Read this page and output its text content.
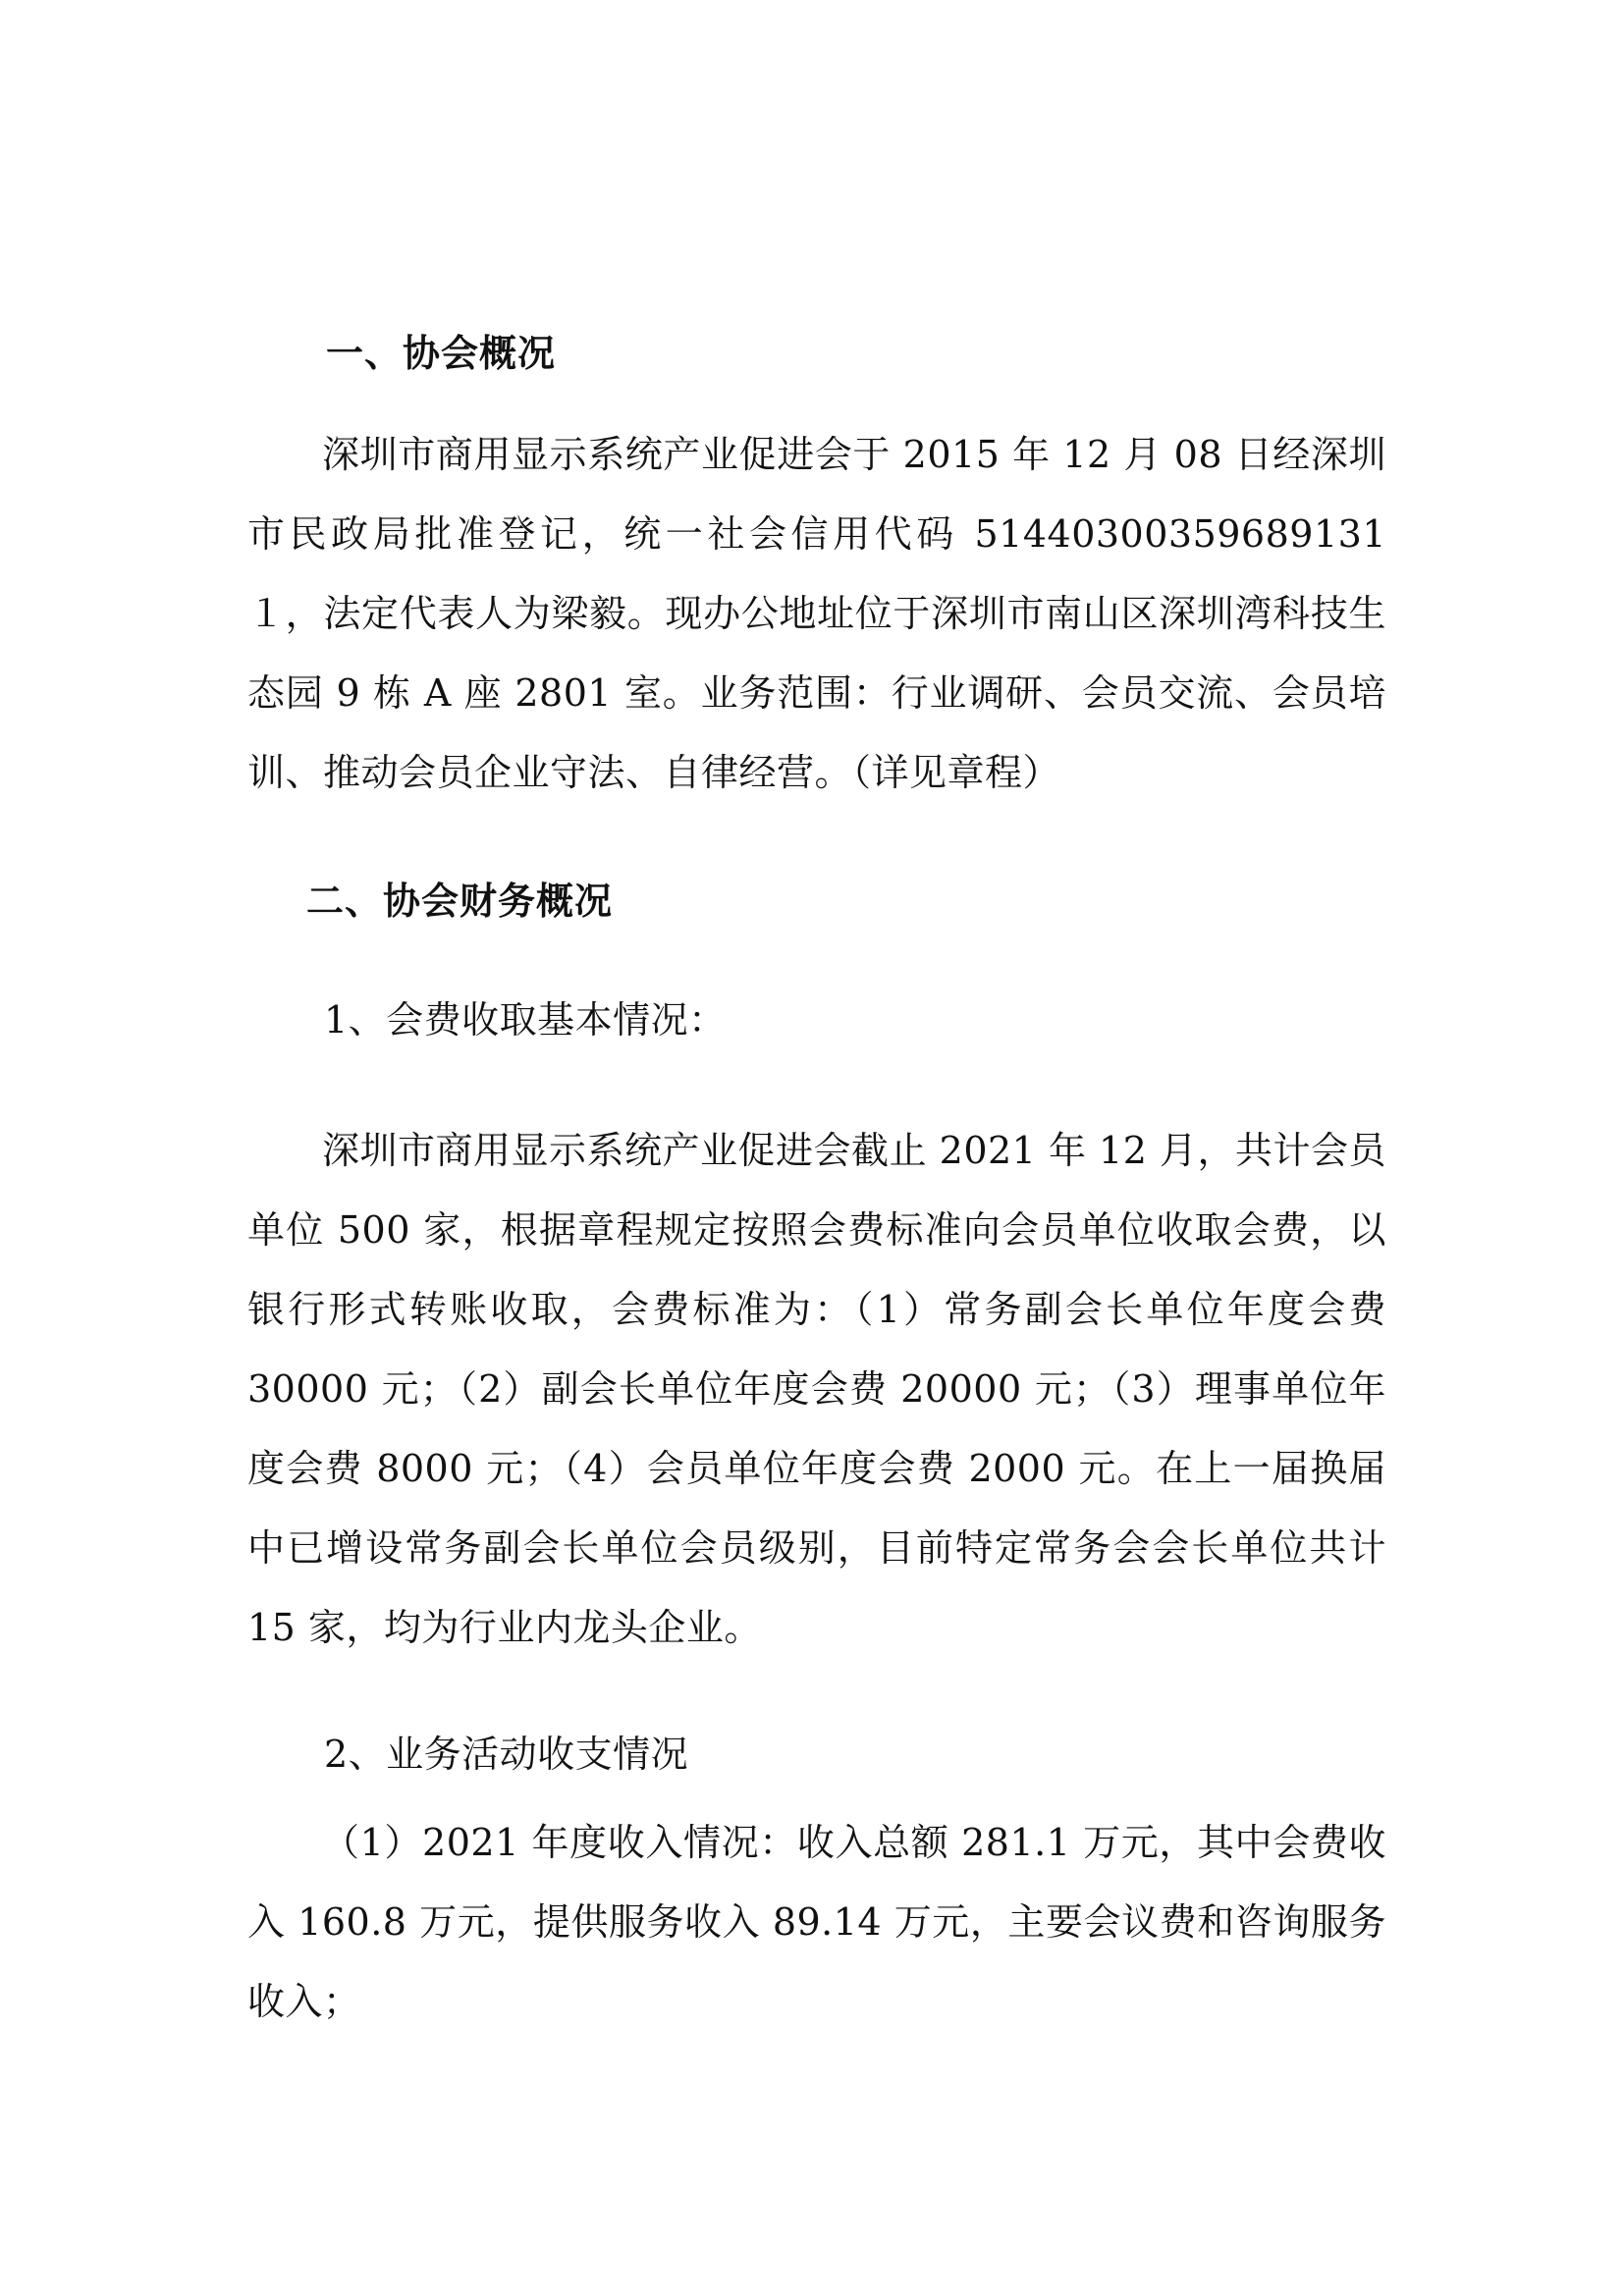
一、协会概况
深圳市商用显示系统产业促进会于 2015 年 12 月 08 日经深圳市民政局批准登记，统一社会信用代码 51440300359689131１，法定代表人为梁毅。现办公地址位于深圳市南山区深圳湾科技生态园 9 栋 A 座 2801 室。业务范围：行业调研、会员交流、会员培训、推动会员企业守法、自律经营。（详见章程）
二、协会财务概况
1、会费收取基本情况：
深圳市商用显示系统产业促进会截止 2021 年 12 月，共计会员单位 500 家，根据章程规定按照会费标准向会员单位收取会费，以银行形式转账收取，会费标准为：（1）常务副会长单位年度会费 30000 元；（2）副会长单位年度会费 20000 元；（3）理事单位年度会费 8000 元；（4）会员单位年度会费 2000 元。在上一届换届中已增设常务副会长单位会员级别，目前特定常务会会长单位共计 15 家，均为行业内龙头企业。
2、业务活动收支情况
（1）2021 年度收入情况：收入总额 281.1 万元，其中会费收入 160.8 万元，提供服务收入 89.14 万元，主要会议费和咨询服务收入；
